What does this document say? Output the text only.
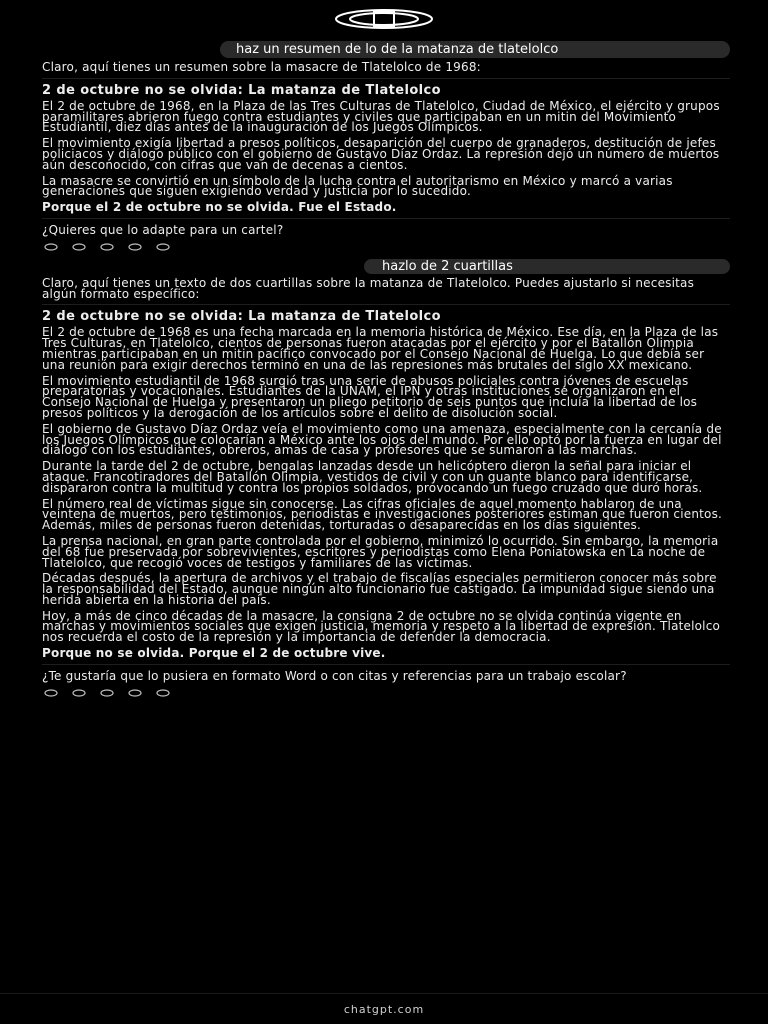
haz un resumen de lo de la matanza de tlatelolco

Claro, aquí tienes un resumen sobre la masacre de Tlatelolco de 1968:

2 de octubre no se olvida: La matanza de Tlatelolco

El 2 de octubre de 1968, en la Plaza de las Tres Culturas de Tlatelolco, Ciudad de México, el ejército y grupos paramilitares abrieron fuego contra estudiantes y civiles que participaban en un mitin del Movimiento Estudiantil, diez días antes de la inauguración de los Juegos Olímpicos.

El movimiento exigía libertad a presos políticos, desaparición del cuerpo de granaderos, destitución de jefes policiacos y diálogo público con el gobierno de Gustavo Díaz Ordaz. La represión dejó un número de muertos aún desconocido, con cifras que van de decenas a cientos.

La masacre se convirtió en un símbolo de la lucha contra el autoritarismo en México y marcó a varias generaciones que siguen exigiendo verdad y justicia por lo sucedido.

Porque el 2 de octubre no se olvida. Fue el Estado.

¿Quieres que lo adapte para un cartel?

hazlo de 2 cuartillas

Claro, aquí tienes un texto de dos cuartillas sobre la matanza de Tlatelolco. Puedes ajustarlo si necesitas algún formato específico:

2 de octubre no se olvida: La matanza de Tlatelolco

El 2 de octubre de 1968 es una fecha marcada en la memoria histórica de México. Ese día, en la Plaza de las Tres Culturas, en Tlatelolco, cientos de personas fueron atacadas por el ejército y por el Batallón Olimpia mientras participaban en un mitin pacífico convocado por el Consejo Nacional de Huelga. Lo que debía ser una reunión para exigir derechos terminó en una de las represiones más brutales del siglo XX mexicano.

El movimiento estudiantil de 1968 surgió tras una serie de abusos policiales contra jóvenes de escuelas preparatorias y vocacionales. Estudiantes de la UNAM, el IPN y otras instituciones se organizaron en el Consejo Nacional de Huelga y presentaron un pliego petitorio de seis puntos que incluía la libertad de los presos políticos y la derogación de los artículos sobre el delito de disolución social.

El gobierno de Gustavo Díaz Ordaz veía el movimiento como una amenaza, especialmente con la cercanía de los Juegos Olímpicos que colocarían a México ante los ojos del mundo. Por ello optó por la fuerza en lugar del diálogo con los estudiantes, obreros, amas de casa y profesores que se sumaron a las marchas.

Durante la tarde del 2 de octubre, bengalas lanzadas desde un helicóptero dieron la señal para iniciar el ataque. Francotiradores del Batallón Olimpia, vestidos de civil y con un guante blanco para identificarse, dispararon contra la multitud y contra los propios soldados, provocando un fuego cruzado que duró horas.

El número real de víctimas sigue sin conocerse. Las cifras oficiales de aquel momento hablaron de una veintena de muertos, pero testimonios, periodistas e investigaciones posteriores estiman que fueron cientos. Además, miles de personas fueron detenidas, torturadas o desaparecidas en los días siguientes.

La prensa nacional, en gran parte controlada por el gobierno, minimizó lo ocurrido. Sin embargo, la memoria del 68 fue preservada por sobrevivientes, escritores y periodistas como Elena Poniatowska en La noche de Tlatelolco, que recogió voces de testigos y familiares de las víctimas.

Décadas después, la apertura de archivos y el trabajo de fiscalías especiales permitieron conocer más sobre la responsabilidad del Estado, aunque ningún alto funcionario fue castigado. La impunidad sigue siendo una herida abierta en la historia del país.

Hoy, a más de cinco décadas de la masacre, la consigna 2 de octubre no se olvida continúa vigente en marchas y movimientos sociales que exigen justicia, memoria y respeto a la libertad de expresión. Tlatelolco nos recuerda el costo de la represión y la importancia de defender la democracia.

Porque no se olvida. Porque el 2 de octubre vive.

¿Te gustaría que lo pusiera en formato Word o con citas y referencias para un trabajo escolar?

chatgpt.com
